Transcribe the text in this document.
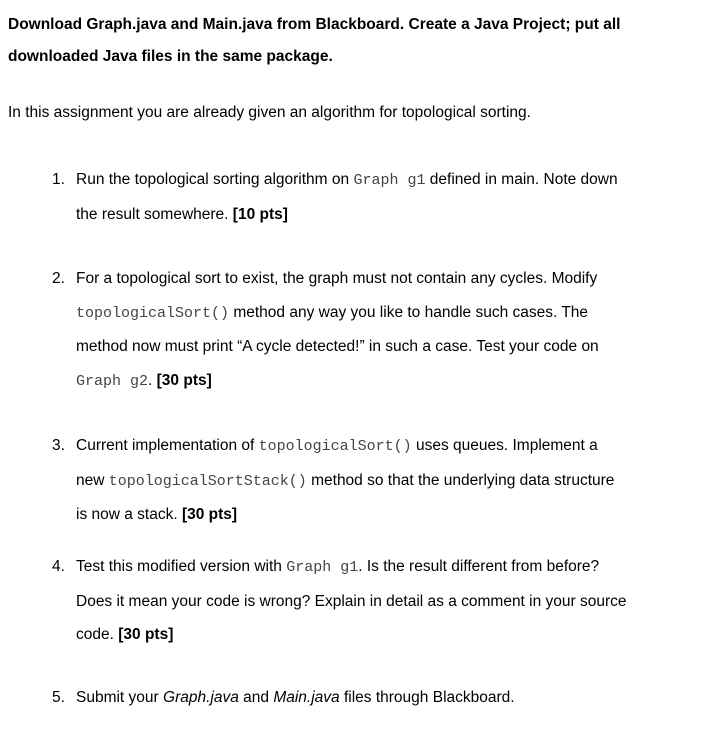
Download Graph.java and Main.java from Blackboard. Create a Java Project; put all
downloaded Java files in the same package.
In this assignment you are already given an algorithm for topological sorting.
1. Run the topological sorting algorithm on Graph g1 defined in main. Note down
the result somewhere. [10 pts]
2. For a topological sort to exist, the graph must not contain any cycles. Modify
topologicalSort() method any way you like to handle such cases. The
method now must print “A cycle detected!” in such a case. Test your code on
Graph g2. [30 pts]
3. Current implementation of topologicalSort() uses queues. Implement a
new topologicalSortStack() method so that the underlying data structure
is now a stack. [30 pts]
4. Test this modified version with Graph g1. Is the result different from before?
Does it mean your code is wrong? Explain in detail as a comment in your source
code. [30 pts]
5. Submit your Graph.java and Main.java files through Blackboard.
